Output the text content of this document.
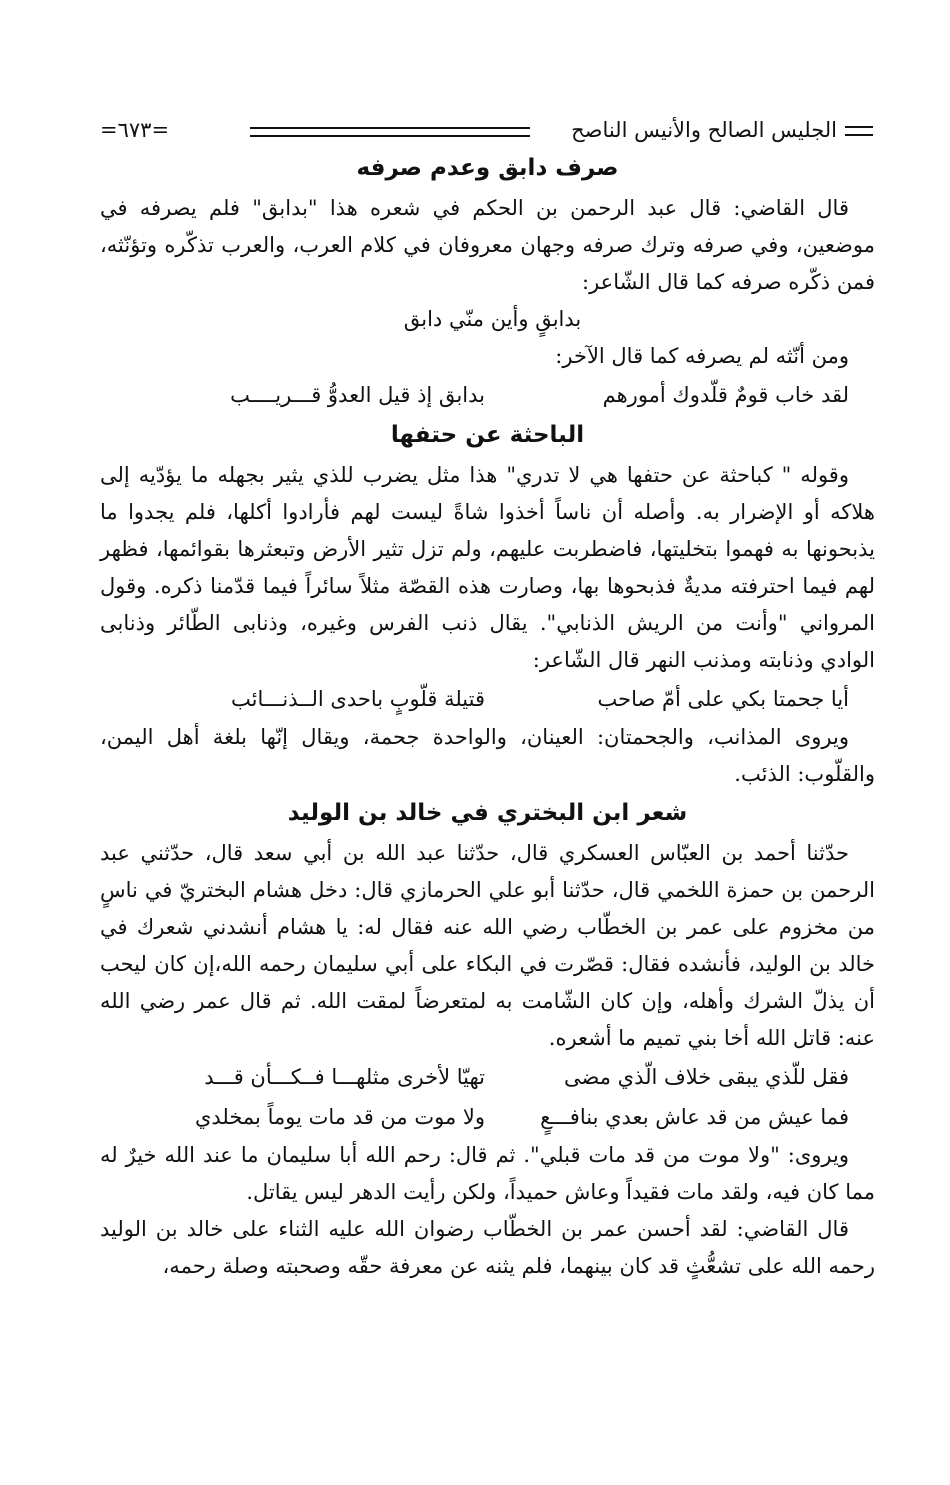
الجليس الصالح والأنيس الناصح
=٦٧٣=
صرف دابق وعدم صرفه

قال القاضي: قال عبد الرحمن بن الحكم في شعره هذا "بدابق" فلم يصرفه في موضعين، وفي صرفه وترك صرفه وجهان معروفان في كلام العرب، والعرب تذكّره وتؤنّثه، فمن ذكّره صرفه كما قال الشّاعر:

بدابقٍ وأين منّي دابق
ومن أنّثه لم يصرفه كما قال الآخر:
لقد خاب قومٌ قلّدوك أمورهم
بدابق إذ قيل العدوُّ قـــريــــب
الباحثة عن حتفها

وقوله " كباحثة عن حتفها هي لا تدري" هذا مثل يضرب للذي يثير بجهله ما يؤدّيه إلى هلاكه أو الإضرار به. وأصله أن ناساً أخذوا شاةً ليست لهم فأرادوا أكلها، فلم يجدوا ما يذبحونها به فهموا بتخليتها، فاضطربت عليهم، ولم تزل تثير الأرض وتبعثرها بقوائمها، فظهر لهم فيما احترفته مديةٌ فذبحوها بها، وصارت هذه القصّة مثلاً سائراً فيما قدّمنا ذكره. وقول المرواني "وأنت من الريش الذنابي". يقال ذنب الفرس وغيره، وذنابى الطّائر وذنابى الوادي وذنابته ومذنب النهر قال الشّاعر:

أيا جحمتا بكي على أمّ صاحب
قتيلة قلّوبٍ باحدى الــذنـــائب

ويروى المذانب، والجحمتان: العينان، والواحدة جحمة، ويقال إنّها بلغة أهل اليمن، والقلّوب: الذئب.

شعر ابن البختري في خالد بن الوليد

حدّثنا أحمد بن العبّاس العسكري قال، حدّثنا عبد الله بن أبي سعد قال، حدّثني عبد الرحمن بن حمزة اللخمي قال، حدّثنا أبو علي الحرمازي قال: دخل هشام البختريّ في ناسٍ من مخزوم على عمر بن الخطّاب رضي الله عنه فقال له: يا هشام أنشدني شعرك في خالد بن الوليد، فأنشده فقال: قصّرت في البكاء على أبي سليمان رحمه الله،إن كان ليحب أن يذلّ الشرك وأهله، وإن كان الشّامت به لمتعرضاً لمقت الله. ثم قال عمر رضي الله عنه: قاتل الله أخا بني تميم ما أشعره.

فقل للّذي يبقى خلاف الّذي مضى
تهيّا لأخرى مثلهـــا فــكـــأن قـــد
فما عيش من قد عاش بعدي بنافـــعٍ
ولا موت من قد مات يوماً بمخلدي

ويروى: "ولا موت من قد مات قبلي". ثم قال: رحم الله أبا سليمان ما عند الله خيرٌ له مما كان فيه، ولقد مات فقيداً وعاش حميداً، ولكن رأيت الدهر ليس يقاتل.

قال القاضي: لقد أحسن عمر بن الخطّاب رضوان الله عليه الثناء على خالد بن الوليد رحمه الله على تشعُّثٍ قد كان بينهما، فلم يثنه عن معرفة حقّه وصحبته وصلة رحمه،
